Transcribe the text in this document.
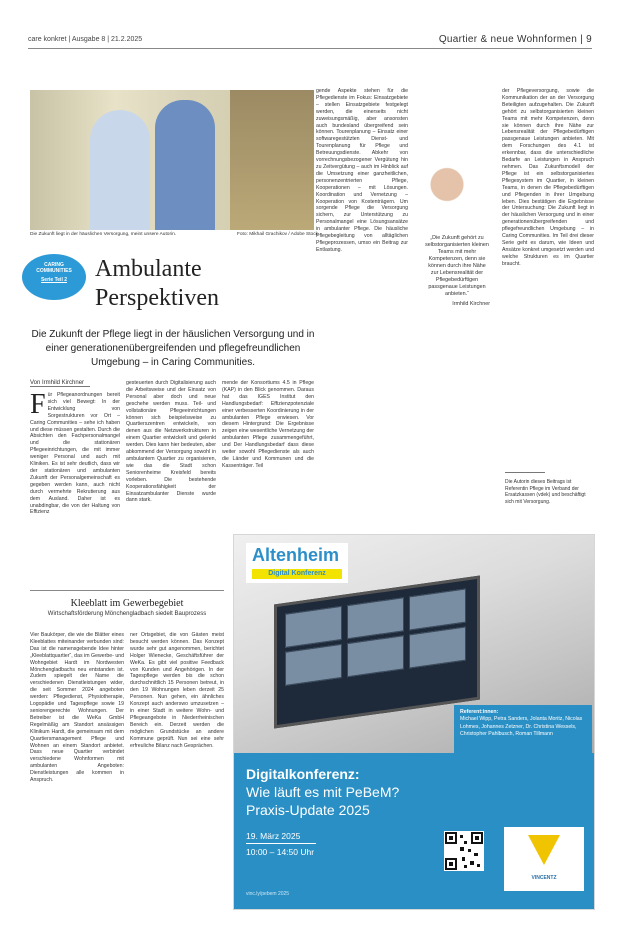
care konkret | Ausgabe 8 | 21.2.2025	Quartier & neue Wohnformen | 9
Die Zukunft liegt in der häuslichen Versorgung, meint unsere Autorin.	Foto: Mikhail Grachikov / Adobe Stock
CARING
COMMUNITIES
Serie Teil 2	Ambulante
Perspektiven
Die Zukunft der Pflege liegt in der häuslichen Versorgung und in einer generationenübergreifenden und pflegefreundlichen Umgebung – in Caring Communities.
Von Irmhild Kirchner
Für Pflegeanordnungen bereit sich viel Bewegt: In der Entwicklung von Sorgestrukturen vor Ort – Caring Communities – sehe ich haben und diese müssen gestalten. Durch die Absichten den Fachpersonalmangel und die stationären Pflegeeinrichtungen, die mit immer weniger Personal und auch mit Kliniken. Es ist sehr deutlich, dass wir der stationären und ambulanten Zukunft der Personalgemeinschaft es gegeben werden kann, auch nicht durch vermehrte Rekrutierung aus dem Ausland. Daher ist es unabdingbar, die von der Haltung von Effizienz
gesteuerten durch Digitalisierung auch die Arbeitsweise und der Einsatz von Personal aber doch und neue geschehe werden muss. Teil- und vollstationäre Pflegeeinrichtungen können sich beispielsweise zu Quartierszentren entwickeln, von denen aus die Netzwerkstrukturen in einem Quartier entwickelt und gelenkt werden. Dies kann hier bedeuten, aber abkommend der Versorgung sowohl in ambulantem Quartier zu organisieren, wie das die Stadt schon Seniorenheime Kreisfeld bereits vorleben. Die bestehende Kooperationsfähigkeit der Einsatzambulanter Dienste wurde dann stark.
mende der Konsortiums 4.5 in Pflege (KAP) in den Blick genommen. Daraus hat das IGES Institut den Handlungsbedarf: Effizienzpotenziale einer verbesserten Koordinierung in der ambulanten Pflege erwiesen. Vor diesem Hintergrund: Die Ergebnisse zeigen eine wesentliche Vernetzung der ambulanten Pflege zusammengeführt, und Der Handlungsbedarf dass diese weiter sowohl Pflegedienste als auch die Länder und Kommunen und die Kassenträger. Teil
gende Aspekte stehen für die Pflegedienste im Fokus: Einsatzgebiete – stellen Einsatzgebiete festgelegt werden, die einerseits nicht zuweisungsmäßig, aber ansonsten auch bundesland übergreifend sein können. Tourenplanung – Einsatz einer softwaregestützten Dienst- und Tourenplanung für Pflege und Betreuungsdienste. Abkehr von vorrechnungsbezogener Vergütung hin zu Zeitvergütung – auch im Hinblick auf die Umsetzung einer ganzheitlichen, personenzentrierten Pflege, Kooperationen – mit Lösungen. Koordination und Vernetzung – Kooperation von Kostenträgern. Um sorgende Pflege die Versorgung sichern, zur Unterstützung zu Personalmangel eine Lösungsansätze in ambulanter Pflege. Die häusliche Pflegebegleitung von alltäglichen Pflegeprozessen, umso ein Beitrag zur Entlastung.
der Pflegeversorgung, sowie die Kommunikation der an der Versorgung Beteiligten aufzugehalten. Die Zukunft gehört zu selbstorganisierten kleinen Teams mit mehr Kompetenzen, denn sie können durch ihre Nähe zur Lebensrealität der Pflegebedürftigen passgenaue Leistungen anbieten. Mit dem Forschungen des 4.1 ist erkennbar, dass die unterschiedliche Bedarfe an Leistungen in Anspruch nehmen. Das Zukunftsmodell der Pflege ist ein selbstorganisiertes Pflegesystem im Quartier, in kleinen Teams, in denen die Pflegebedürftigen und Pflegenden in ihrer Umgebung leben. Dies bestätigen die Ergebnisse der Untersuchung: Die Zukunft liegt in der häuslichen Versorgung und in einer generationenübergreifenden und pflegefreundlichen Umgebung – in Caring Communities. Im Teil drei dieser Serie geht es darum, wie Ideen und Ansätze konkret umgesetzt werden und welche Strukturen es im Quartier braucht.
„Die Zukunft gehört zu selbstorganisierten kleinen Teams mit mehr Kompetenzen, denn sie können durch ihre Nähe zur Lebensrealität der Pflegebedürftigen passgenaue Leistungen anbieten.“
Irmhild Kirchner
Die Autorin dieses Beitrags ist Referentin Pflege im Verband der Ersatzkassen (vdek) und beschäftigt sich mit Versorgung.
Kleeblatt im Gewerbegebiet
Wirtschaftsförderung Mönchengladbach siedelt Bauprozess
Vier Baukörper, die wie die Blätter eines Kleeblattes miteinander verbunden sind: Das ist die namensgebende Idee hinter „Kleeblattquartier“, das im Gewerbe- und Wohngebiet Hardt im Nordwesten Mönchengladbachs neu entstanden ist. Zudem spiegelt der Name die verschiedenen Dienstleistungen wider, die seit Sommer 2024 angeboten werden: Pflegedienst, Physiotherapie, Logopädie und Tagespflege sowie 19 seniorengerechte Wohnungen. Der Betreiber ist die WeKa GmbH Regelmäßig am Standort ansässigen Klinikum Hardt, die gemeinsam mit dem Quartiersmanagement Pflege und Wohnen an einem Standort anbietet. Dass neue Quartier verbindet verschiedene Wohnformen mit ambulanten Angeboten: Dienstleistungen alle kommen in Anspruch.
ner Ortsgebiet, die von Gästen meist besucht werden können. Das Konzept wurde sehr gut angenommen, berichtet Holger Wienecke, Geschäftsführer der WeKa. Es gibt viel positive Feedback von Kunden und Angehörigen. In der Tagespflege werden bis die schon durchschnittlich 15 Personen betreut, in den 19 Wohnungen leben derzeit 25 Personen. Nun gehen, ein ähnliches Konzept auch anderswo umzusetzen – in einer Stadt in weitere Wohn- und Pflegeangebote in Niederrheinischen Bereich ein. Derzeit werden die möglichen Grundstücke an andere Kommune geprüft. Nun sei eine sehr erfreuliche Bilanz nach Gesprächen.
Altenheim
Digital Konferenz
Referent:innen:
Michael Wipp, Petra Sanders, Jolanta Moritz, Nicolas Lohmes, Johannes Zetzner, Dr. Christina Wessels, Christopher Pahlbusch, Roman Tillmann
Digitalkonferenz:
Wie läuft es mit PeBeM?
Praxis-Update 2025
19. März 2025
10:00 – 14:50 Uhr
vinc.ly/pebem 2025
VINCENTZ
